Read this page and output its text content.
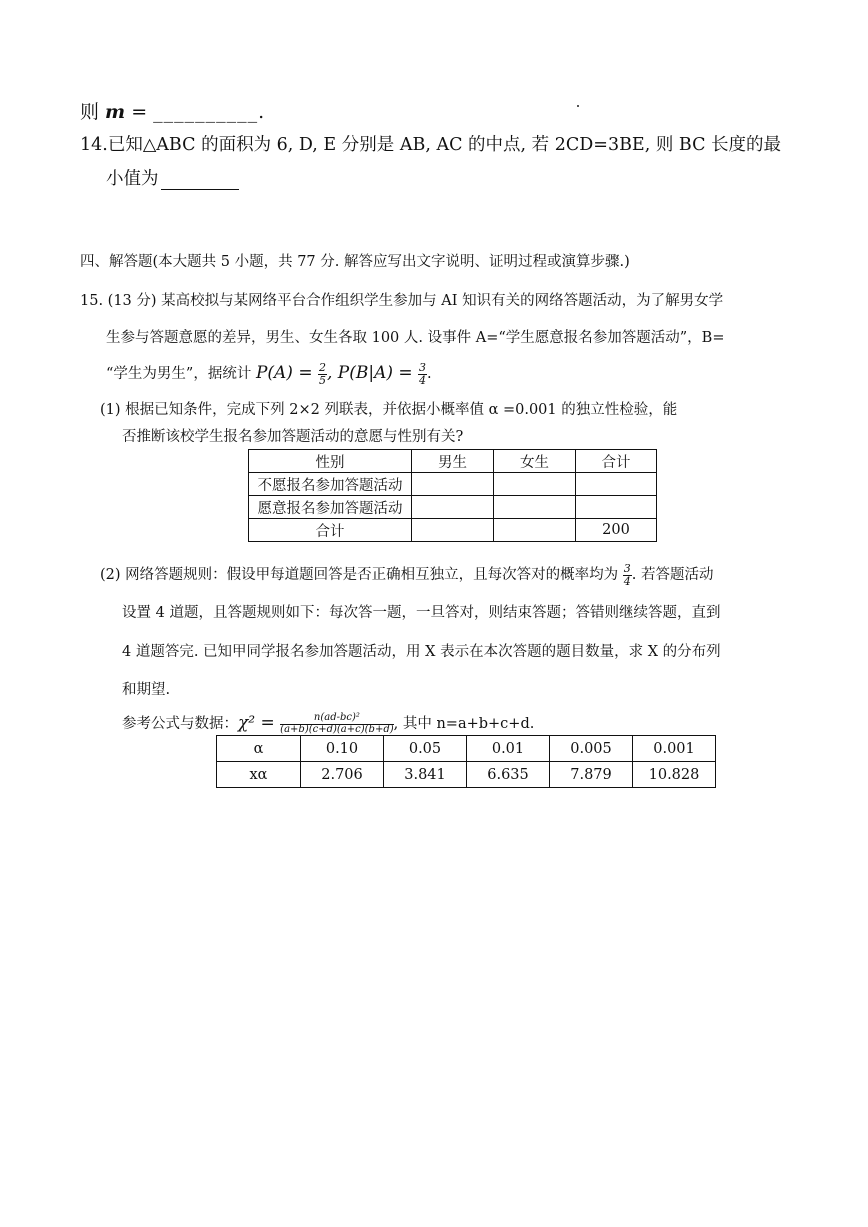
则 m = __________.
14.已知△ABC 的面积为 6, D, E 分别是 AB, AC 的中点, 若 2CD=3BE, 则 BC 长度的最
小值为
四、解答题(本大题共 5 小题，共 77 分. 解答应写出文字说明、证明过程或演算步骤.)
15. (13 分) 某高校拟与某网络平台合作组织学生参加与 AI 知识有关的网络答题活动，为了解男女学
生参与答题意愿的差异，男生、女生各取 100 人. 设事件 A=“学生愿意报名参加答题活动”，B=
“学生为男生”，据统计 $P(A) = \frac{2}{5}$ , $P(B|A) = \frac{3}{4}$ .
(1) 根据已知条件，完成下列 2×2 列联表，并依据小概率值 α =0.001 的独立性检验，能
否推断该校学生报名参加答题活动的意愿与性别有关?
性别	男生	女生	合计
不愿报名参加答题活动			
愿意报名参加答题活动			
合计			200
(2) 网络答题规则：假设甲每道题回答是否正确相互独立，且每次答对的概率均为 $\frac{3}{4}$ . 若答题活动
设置 4 道题，且答题规则如下：每次答一题，一旦答对，则结束答题；答错则继续答题，直到
4 道题答完. 已知甲同学报名参加答题活动，用 X 表示在本次答题的题目数量，求 X 的分布列
和期望.
参考公式与数据：$\chi^2 = \frac{\text{n(ad-bc)²}}{(a+b)(c+d)(a+c)(b+d)}$ , 其中 n=a+b+c+d.
α	0.10	0.05	0.01	0.005	0.001
xα	2.706	3.841	6.635	7.879	10.828
